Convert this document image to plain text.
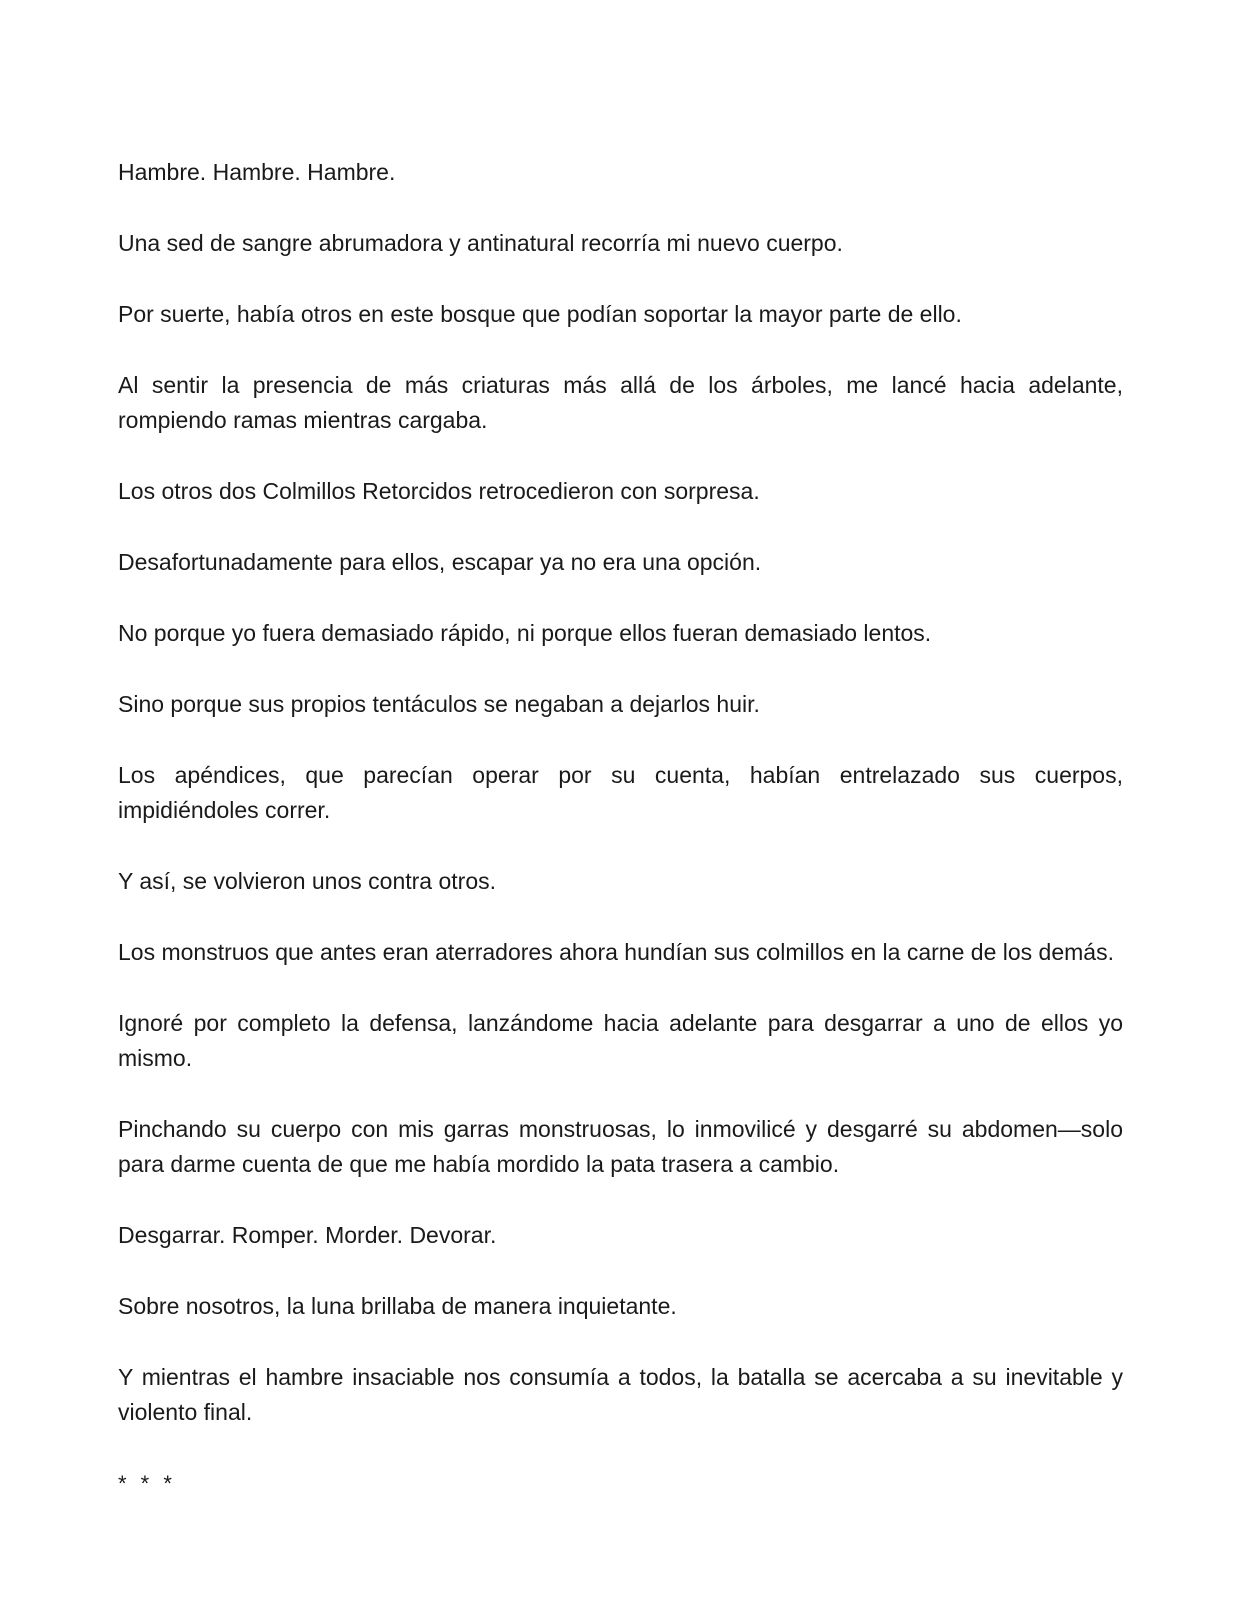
Hambre. Hambre. Hambre.

Una sed de sangre abrumadora y antinatural recorría mi nuevo cuerpo.

Por suerte, había otros en este bosque que podían soportar la mayor parte de ello.

Al sentir la presencia de más criaturas más allá de los árboles, me lancé hacia adelante, rompiendo ramas mientras cargaba.

Los otros dos Colmillos Retorcidos retrocedieron con sorpresa.

Desafortunadamente para ellos, escapar ya no era una opción.

No porque yo fuera demasiado rápido, ni porque ellos fueran demasiado lentos.

Sino porque sus propios tentáculos se negaban a dejarlos huir.

Los apéndices, que parecían operar por su cuenta, habían entrelazado sus cuerpos, impidiéndoles correr.

Y así, se volvieron unos contra otros.

Los monstruos que antes eran aterradores ahora hundían sus colmillos en la carne de los demás.

Ignoré por completo la defensa, lanzándome hacia adelante para desgarrar a uno de ellos yo mismo.

Pinchando su cuerpo con mis garras monstruosas, lo inmovilicé y desgarré su abdomen—solo para darme cuenta de que me había mordido la pata trasera a cambio.

Desgarrar. Romper. Morder. Devorar.

Sobre nosotros, la luna brillaba de manera inquietante.

Y mientras el hambre insaciable nos consumía a todos, la batalla se acercaba a su inevitable y violento final.

* * *
